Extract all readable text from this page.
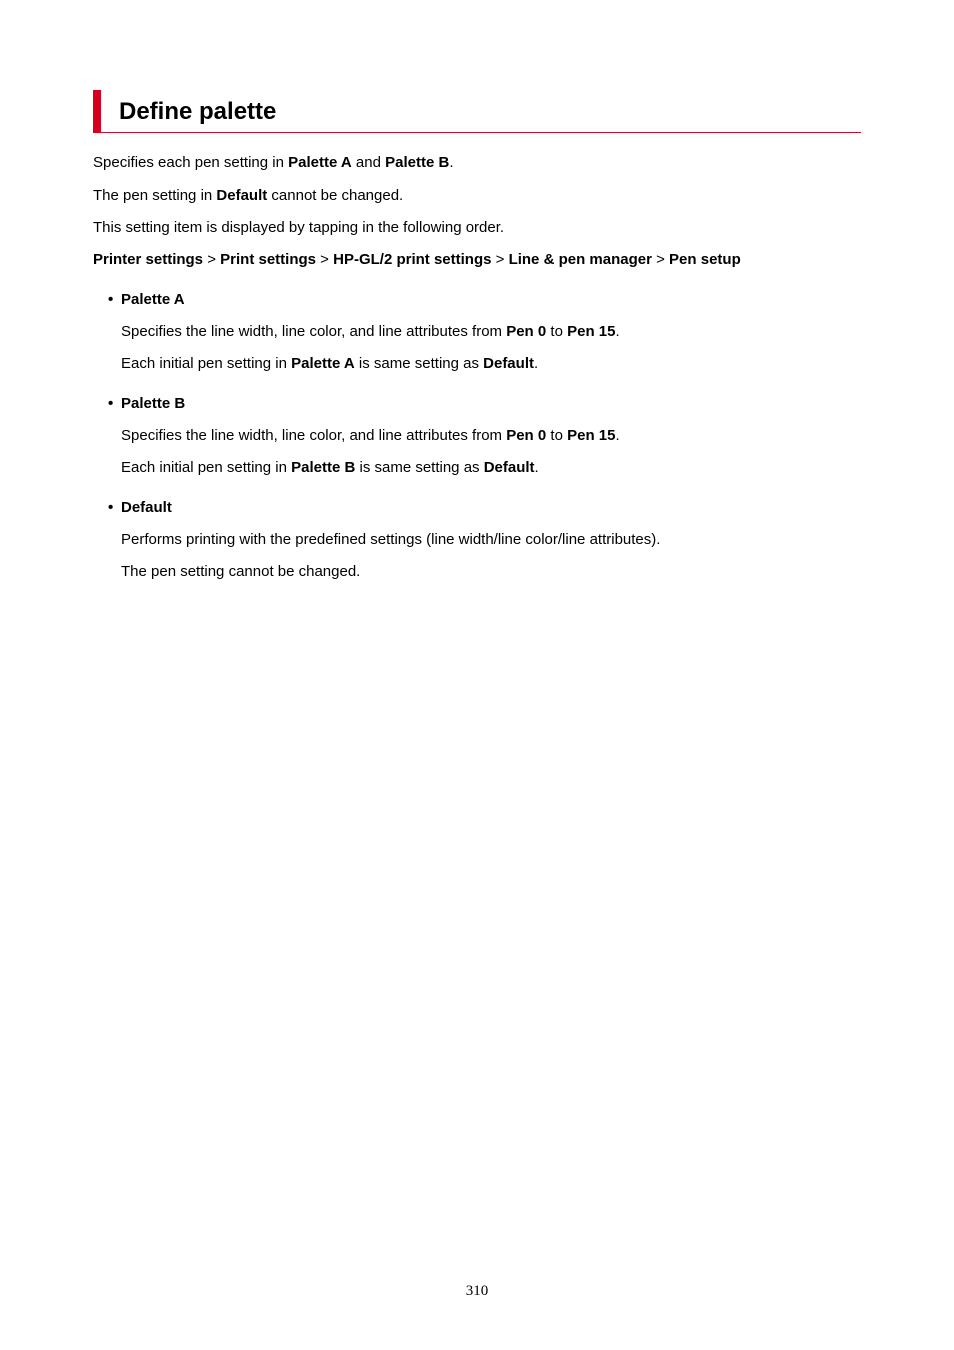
Define palette
Specifies each pen setting in Palette A and Palette B.
The pen setting in Default cannot be changed.
This setting item is displayed by tapping in the following order.
Printer settings > Print settings > HP-GL/2 print settings > Line & pen manager > Pen setup
• Palette A
Specifies the line width, line color, and line attributes from Pen 0 to Pen 15.
Each initial pen setting in Palette A is same setting as Default.
• Palette B
Specifies the line width, line color, and line attributes from Pen 0 to Pen 15.
Each initial pen setting in Palette B is same setting as Default.
• Default
Performs printing with the predefined settings (line width/line color/line attributes).
The pen setting cannot be changed.
310
